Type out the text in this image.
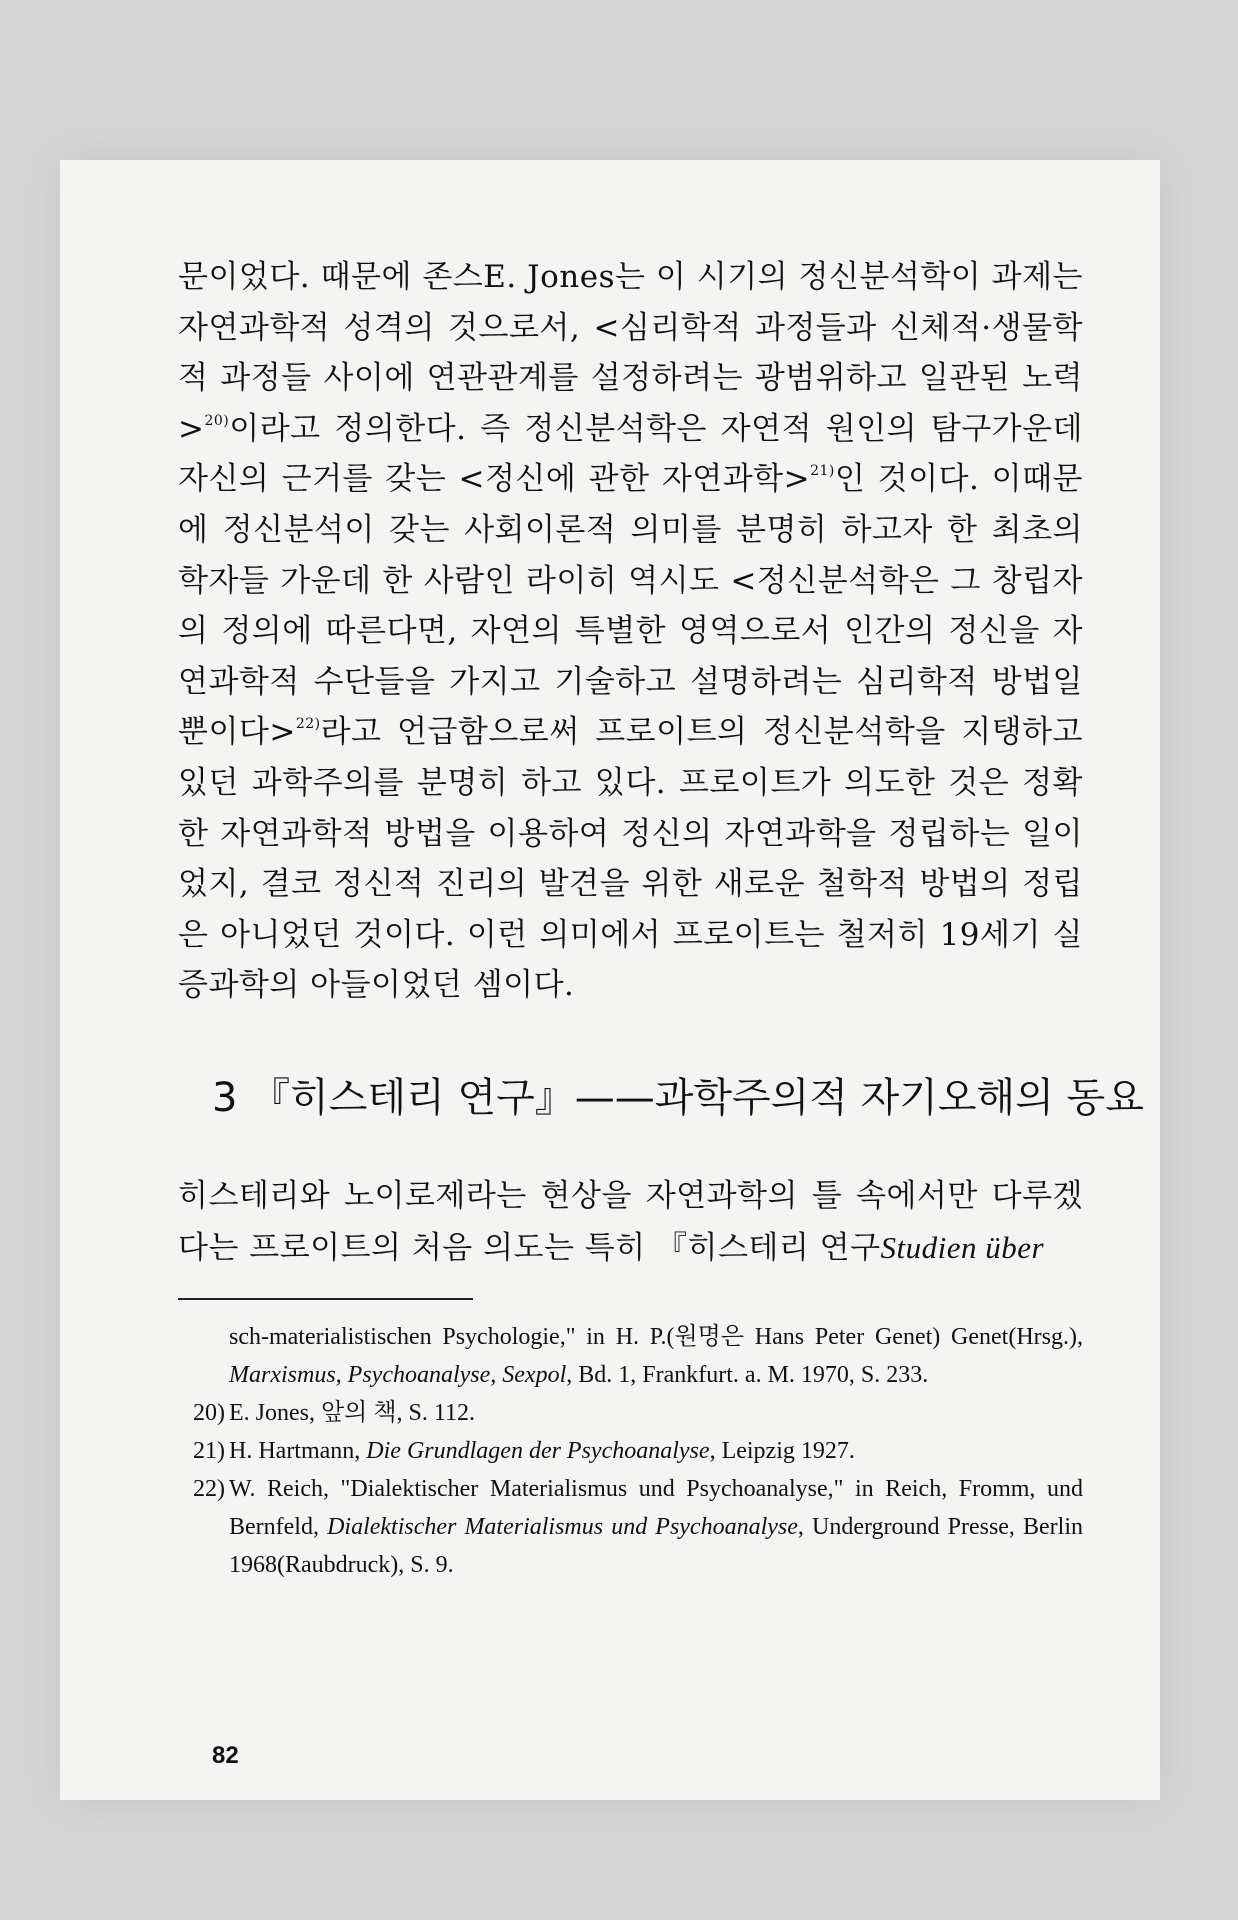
문이었다. 때문에 존스E. Jones는 이 시기의 정신분석학이 과제는 자연과학적 성격의 것으로서, <심리학적 과정들과 신체적·생물학적 과정들 사이에 연관관계를 설정하려는 광범위하고 일관된 노력>$^{20)}$이라고 정의한다. 즉 정신분석학은 자연적 원인의 탐구가운데 자신의 근거를 갖는 <정신에 관한 자연과학>$^{21)}$인 것이다. 이때문에 정신분석이 갖는 사회이론적 의미를 분명히 하고자 한 최초의 학자들 가운데 한 사람인 라이히 역시도 <정신분석학은 그 창립자의 정의에 따른다면, 자연의 특별한 영역으로서 인간의 정신을 자연과학적 수단들을 가지고 기술하고 설명하려는 심리학적 방법일 뿐이다>$^{22)}$라고 언급함으로써 프로이트의 정신분석학을 지탱하고 있던 과학주의를 분명히 하고 있다. 프로이트가 의도한 것은 정확한 자연과학적 방법을 이용하여 정신의 자연과학을 정립하는 일이었지, 결코 정신적 진리의 발견을 위한 새로운 철학적 방법의 정립은 아니었던 것이다. 이런 의미에서 프로이트는 철저히 19세기 실증과학의 아들이었던 셈이다.
3 『히스테리 연구』——과학주의적 자기오해의 동요
히스테리와 노이로제라는 현상을 자연과학의 틀 속에서만 다루겠다는 프로이트의 처음 의도는 특히 『히스테리 연구Studien über
sch-materialistischen Psychologie," in H. P.(원명은 Hans Peter Genet) Genet(Hrsg.), Marxismus, Psychoanalyse, Sexpol, Bd. 1, Frankfurt. a. M. 1970, S. 233.
20) E. Jones, 앞의 책, S. 112.
21) H. Hartmann, Die Grundlagen der Psychoanalyse, Leipzig 1927.
22) W. Reich, "Dialektischer Materialismus und Psychoanalyse," in Reich, Fromm, und Bernfeld, Dialektischer Materialismus und Psychoanalyse, Underground Presse, Berlin 1968(Raubdruck), S. 9.
82
